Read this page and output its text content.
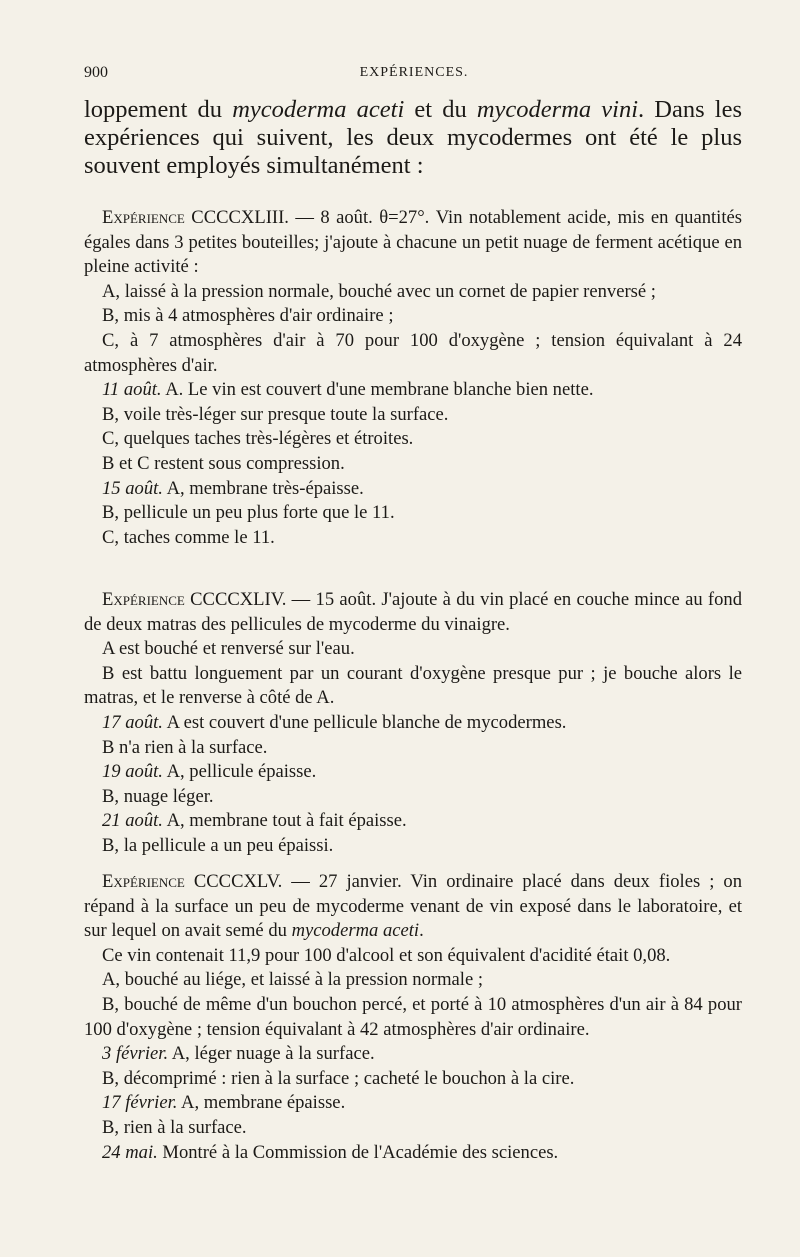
900	EXPÉRIENCES.

loppement du mycoderma aceti et du mycoderma vini. Dans les expériences qui suivent, les deux mycodermes ont été le plus souvent employés simultanément :

Expérience CCCCXLIII. — 8 août. θ=27°. Vin notablement acide, mis en quantités égales dans 3 petites bouteilles; j'ajoute à chacune un petit nuage de ferment acétique en pleine activité :

A, laissé à la pression normale, bouché avec un cornet de papier renversé ;

B, mis à 4 atmosphères d'air ordinaire ;

C, à 7 atmosphères d'air à 70 pour 100 d'oxygène ; tension équivalant à 24 atmosphères d'air.

11 août. A. Le vin est couvert d'une membrane blanche bien nette.

B, voile très-léger sur presque toute la surface.

C, quelques taches très-légères et étroites.

B et C restent sous compression.

15 août. A, membrane très-épaisse.

B, pellicule un peu plus forte que le 11.

C, taches comme le 11.

Expérience CCCCXLIV. — 15 août. J'ajoute à du vin placé en couche mince au fond de deux matras des pellicules de mycoderme du vinaigre.

A est bouché et renversé sur l'eau.

B est battu longuement par un courant d'oxygène presque pur ; je bouche alors le matras, et le renverse à côté de A.

17 août. A est couvert d'une pellicule blanche de mycodermes.

B n'a rien à la surface.

19 août. A, pellicule épaisse.

B, nuage léger.

21 août. A, membrane tout à fait épaisse.

B, la pellicule a un peu épaissi.

Expérience CCCCXLV. — 27 janvier. Vin ordinaire placé dans deux fioles ; on répand à la surface un peu de mycoderme venant de vin exposé dans le laboratoire, et sur lequel on avait semé du mycoderma aceti.

Ce vin contenait 11,9 pour 100 d'alcool et son équivalent d'acidité était 0,08.

A, bouché au liége, et laissé à la pression normale ;

B, bouché de même d'un bouchon percé, et porté à 10 atmosphères d'un air à 84 pour 100 d'oxygène ; tension équivalant à 42 atmosphères d'air ordinaire.

3 février. A, léger nuage à la surface.

B, décomprimé : rien à la surface ; cacheté le bouchon à la cire.

17 février. A, membrane épaisse.

B, rien à la surface.

24 mai. Montré à la Commission de l'Académie des sciences.
